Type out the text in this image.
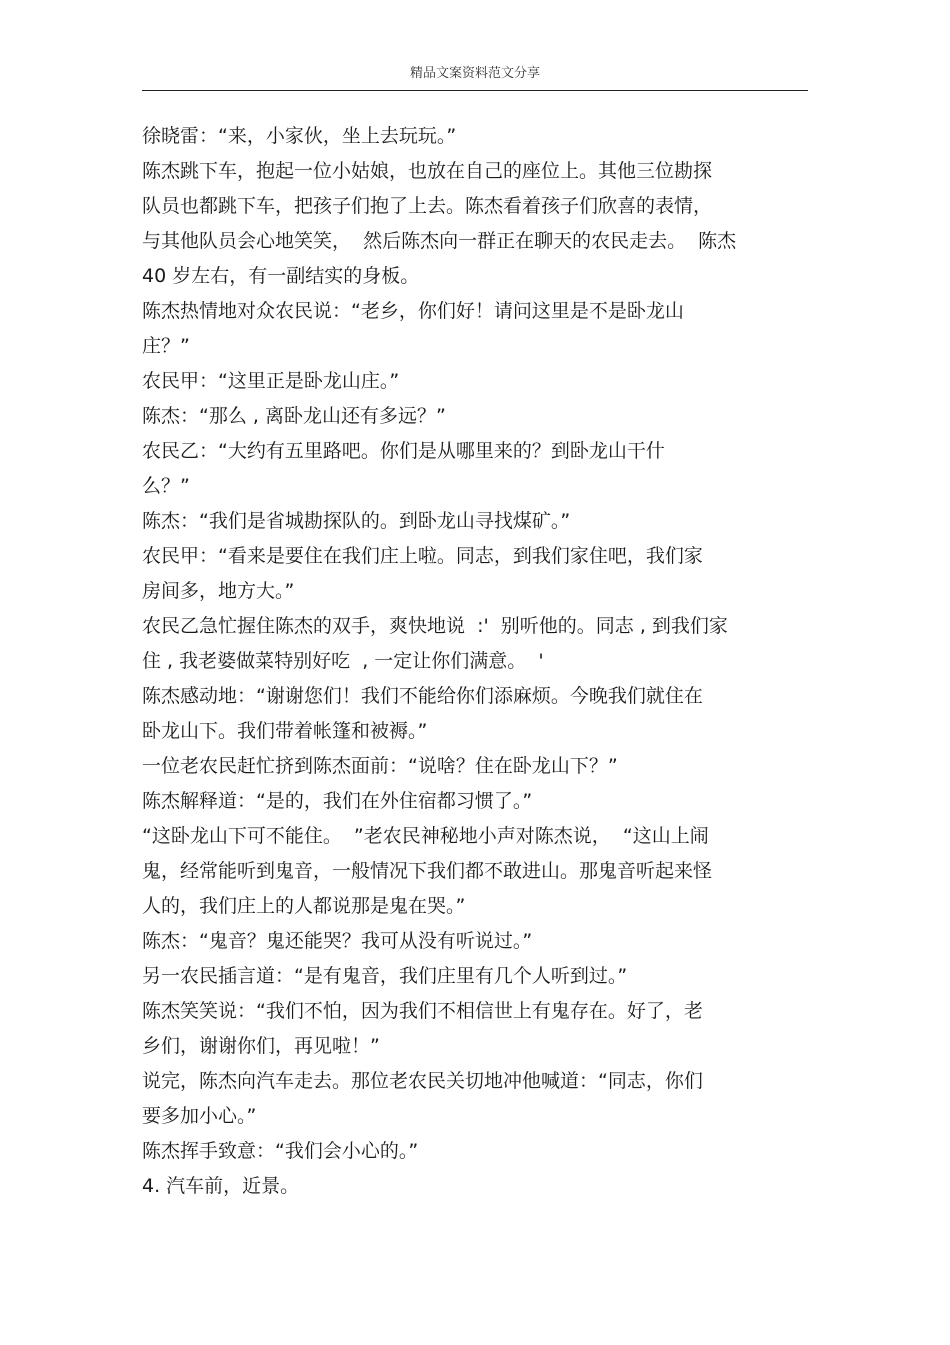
精品文案资料范文分享
徐晓雷：“来，小家伙，坐上去玩玩。”
陈杰跳下车，抱起一位小姑娘，也放在自己的座位上。其他三位勘探
队员也都跳下车，把孩子们抱了上去。陈杰看着孩子们欣喜的表情，
与其他队员会心地笑笑，  然后陈杰向一群正在聊天的农民走去。  陈杰
40 岁左右，有一副结实的身板。
陈杰热情地对众农民说：“老乡，你们好！请问这里是不是卧龙山
庄？”
农民甲：“这里正是卧龙山庄。”
陈杰：“那么 , 离卧龙山还有多远？”
农民乙：“大约有五里路吧。你们是从哪里来的？到卧龙山干什
么？”
陈杰：“我们是省城勘探队的。到卧龙山寻找煤矿。”
农民甲：“看来是要住在我们庄上啦。同志，到我们家住吧，我们家
房间多，地方大。”
农民乙急忙握住陈杰的双手，爽快地说  :'  别听他的。同志 , 到我们家
住 , 我老婆做菜特别好吃  , 一定让你们满意。  '
陈杰感动地：“谢谢您们！我们不能给你们添麻烦。今晚我们就住在
卧龙山下。我们带着帐篷和被褥。”
一位老农民赶忙挤到陈杰面前：“说啥？住在卧龙山下？”
陈杰解释道：“是的，我们在外住宿都习惯了。”
“这卧龙山下可不能住。  ”老农民神秘地小声对陈杰说，  “这山上闹
鬼，经常能听到鬼音，一般情况下我们都不敢进山。那鬼音听起来怪
人的，我们庄上的人都说那是鬼在哭。”
陈杰：“鬼音？鬼还能哭？我可从没有听说过。”
另一农民插言道：“是有鬼音，我们庄里有几个人听到过。”
陈杰笑笑说：“我们不怕，因为我们不相信世上有鬼存在。好了，老
乡们，谢谢你们，再见啦！”
说完，陈杰向汽车走去。那位老农民关切地冲他喊道：“同志，你们
要多加小心。”
陈杰挥手致意：“我们会小心的。”
4. 汽车前，近景。
